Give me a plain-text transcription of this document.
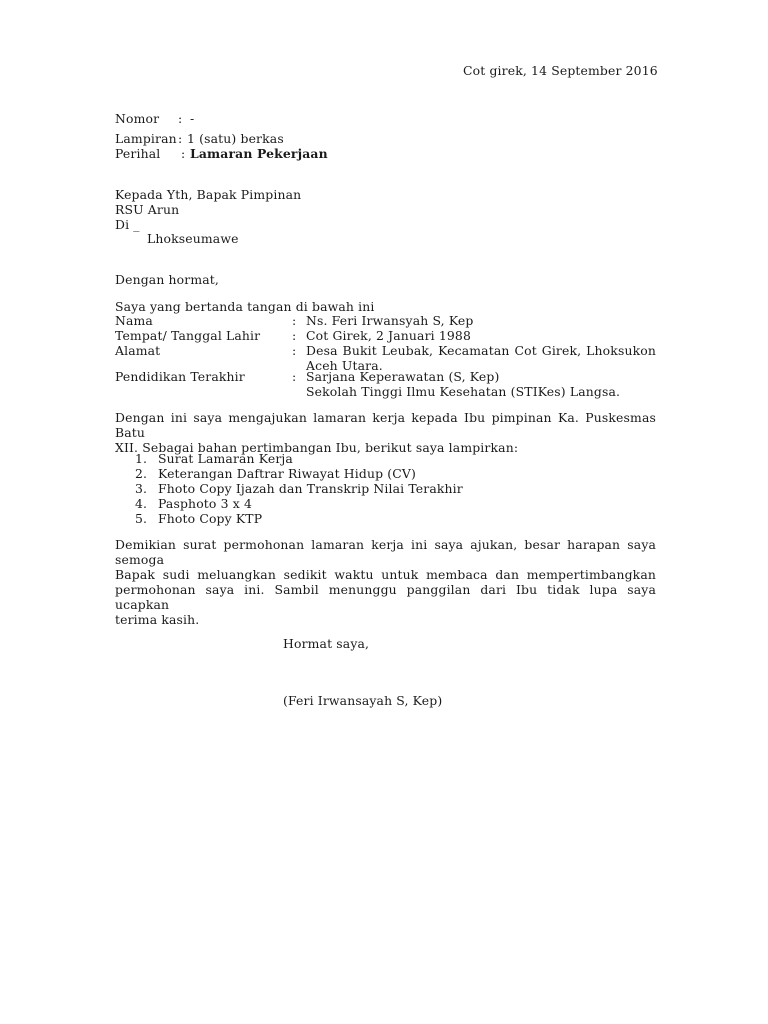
Cot girek, 14 September 2016
Nomor : -
Lampiran : 1 (satu) berkas
Perihal : Lamaran Pekerjaan
Kepada Yth, Bapak Pimpinan
RSU Arun
Di _
Lhokseumawe
Dengan hormat,
Saya yang bertanda tangan di bawah ini
Nama	: Ns. Feri Irwansyah S, Kep
Tempat/ Tanggal Lahir	: Cot Girek, 2 Januari 1988
Alamat	: Desa Bukit Leubak, Kecamatan Cot Girek, Lhoksukon
Aceh Utara.
Pendidikan Terakhir	: Sarjana Keperawatan (S, Kep)
Sekolah Tinggi Ilmu Kesehatan (STIKes) Langsa.
Dengan ini saya mengajukan lamaran kerja kepada Ibu pimpinan Ka. Puskesmas Batu
XII. Sebagai bahan pertimbangan Ibu, berikut saya lampirkan:
1. Surat Lamaran Kerja
2. Keterangan Daftrar Riwayat Hidup (CV)
3. Fhoto Copy Ijazah dan Transkrip Nilai Terakhir
4. Pasphoto 3 x 4
5. Fhoto Copy KTP
Demikian surat permohonan lamaran kerja ini saya ajukan, besar harapan saya semoga
Bapak sudi meluangkan sedikit waktu untuk membaca dan mempertimbangkan
permohonan saya ini. Sambil menunggu panggilan dari Ibu tidak lupa saya ucapkan
terima kasih.
Hormat saya,
(Feri Irwansayah S, Kep)
